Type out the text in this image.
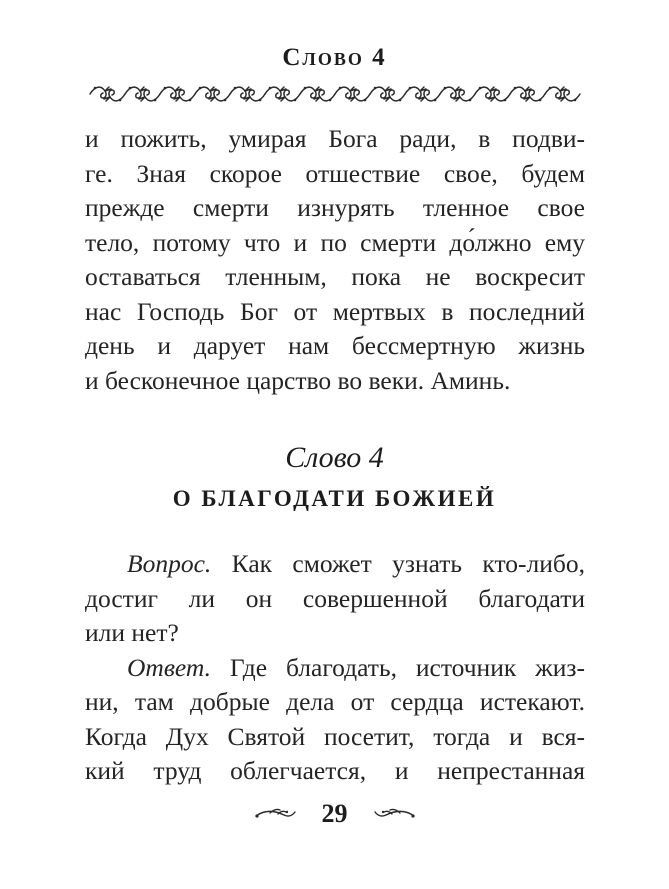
Слово 4
и пожить, умирая Бога ради, в подви-
ге. Зная скорое отшествие свое, будем
прежде смерти изнурять тленное свое
тело, потому что и по смерти до́лжно ему
оставаться тленным, пока не воскресит
нас Господь Бог от мертвых в последний
день и дарует нам бессмертную жизнь
и бесконечное царство во веки. Аминь.
Слово 4
О БЛАГОДАТИ БОЖИЕЙ
Вопрос. Как сможет узнать кто-либо,
достиг ли он совершенной благодати
или нет?
Ответ. Где благодать, источник жиз-
ни, там добрые дела от сердца истекают.
Когда Дух Святой посетит, тогда и вся-
кий труд облегчается, и непрестанная
29
